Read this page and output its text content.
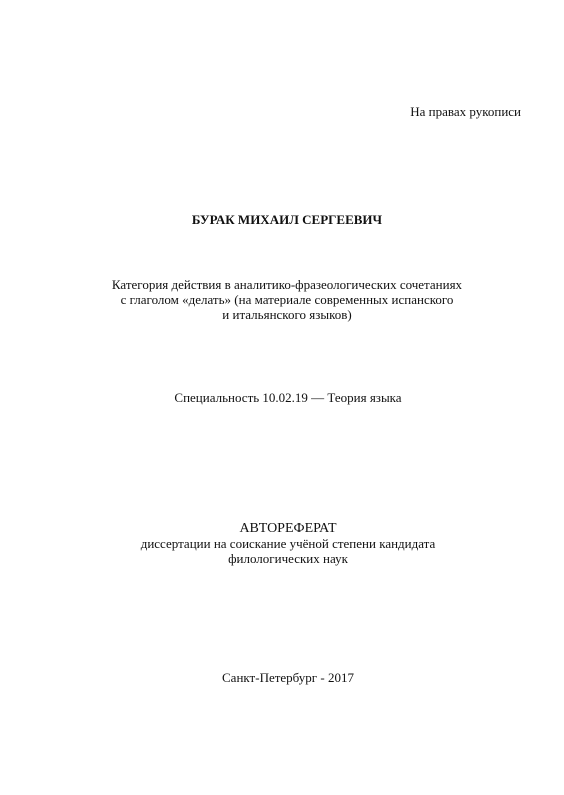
На правах рукописи
БУРАК МИХАИЛ СЕРГЕЕВИЧ
Категория действия в аналитико-фразеологических сочетаниях
с глаголом «делать» (на материале современных испанского
и итальянского языков)
Специальность 10.02.19 — Теория языка
АВТОРЕФЕРАТ
диссертации на соискание учёной степени кандидата
филологических наук
Санкт-Петербург - 2017
